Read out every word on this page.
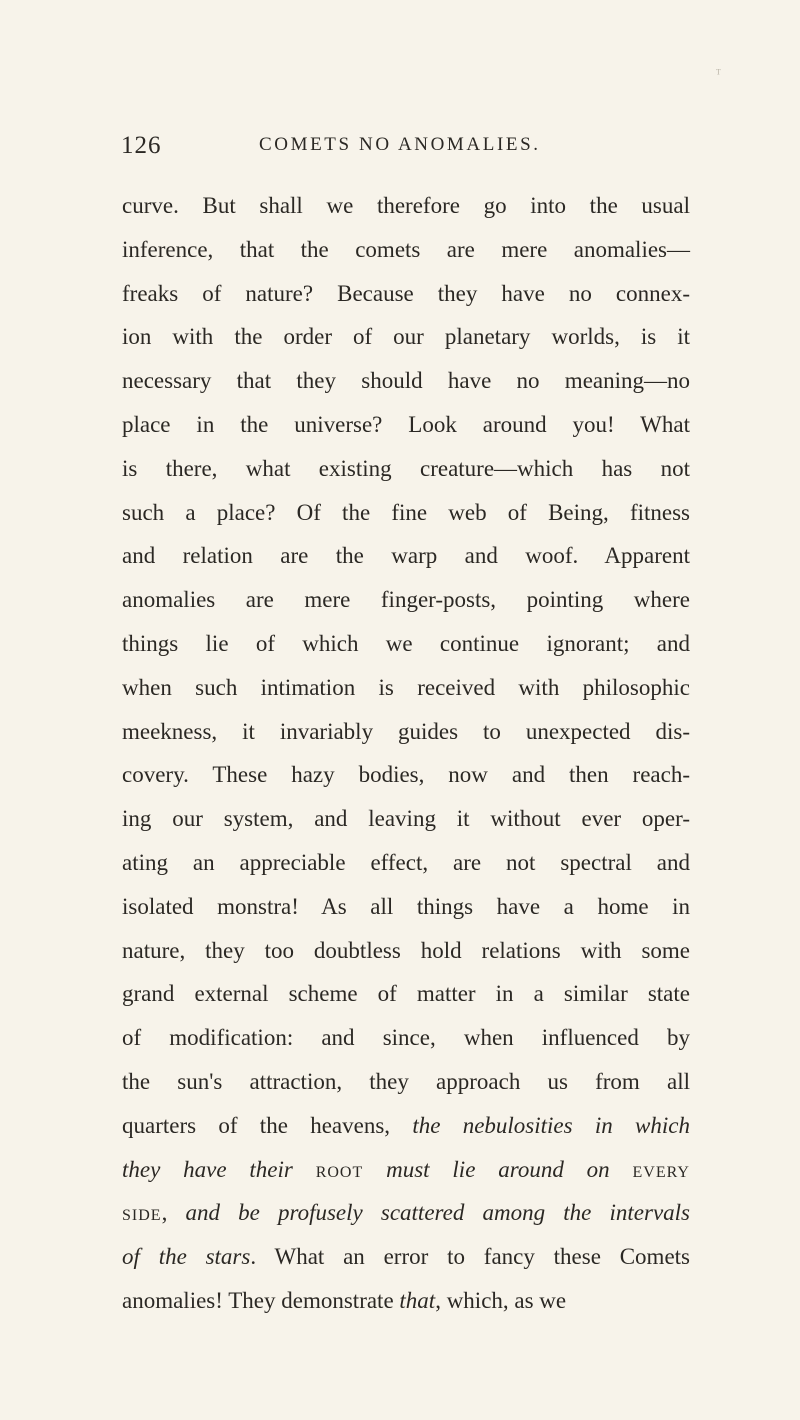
ᵀ
126	COMETS NO ANOMALIES.
curve. But shall we therefore go into the usual
inference, that the comets are mere anomalies—
freaks of nature? Because they have no connex-
ion with the order of our planetary worlds, is it
necessary that they should have no meaning—no
place in the universe? Look around you! What
is there, what existing creature—which has not
such a place? Of the fine web of Being, fitness
and relation are the warp and woof. Apparent
anomalies are mere finger-posts, pointing where
things lie of which we continue ignorant; and
when such intimation is received with philosophic
meekness, it invariably guides to unexpected dis-
covery. These hazy bodies, now and then reach-
ing our system, and leaving it without ever oper-
ating an appreciable effect, are not spectral and
isolated monstra! As all things have a home in
nature, they too doubtless hold relations with some
grand external scheme of matter in a similar state
of modification: and since, when influenced by
the sun's attraction, they approach us from all
quarters of the heavens, the nebulosities in which
they have their root must lie around on every
side, and be profusely scattered among the intervals
of the stars. What an error to fancy these Comets
anomalies! They demonstrate that, which, as we
